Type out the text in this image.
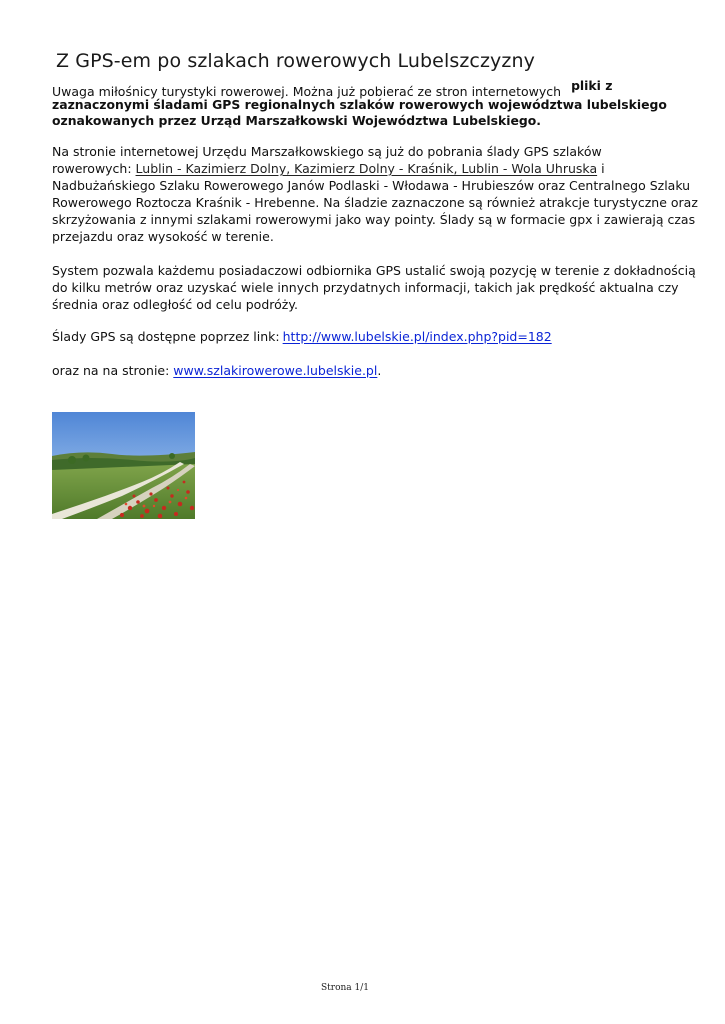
Z GPS-em po szlakach rowerowych Lubelszczyzny

Uwaga miłośnicy turystyki rowerowej. Można już pobierać ze stron internetowych pliki z
zaznaczonymi śladami GPS regionalnych szlaków rowerowych województwa lubelskiego
oznakowanych przez Urząd Marszałkowski Województwa Lubelskiego.

Na stronie internetowej Urzędu Marszałkowskiego są już do pobrania ślady GPS szlaków
rowerowych: Lublin - Kazimierz Dolny, Kazimierz Dolny - Kraśnik, Lublin - Wola Uhruska i
Nadbużańskiego Szlaku Rowerowego Janów Podlaski - Włodawa - Hrubieszów oraz Centralnego Szlaku
Rowerowego Roztocza Kraśnik - Hrebenne. Na śladzie zaznaczone są również atrakcje turystyczne oraz
skrzyżowania z innymi szlakami rowerowymi jako way pointy. Ślady są w formacie gpx i zawierają czas
przejazdu oraz wysokość w terenie.

System pozwala każdemu posiadaczowi odbiornika GPS ustalić swoją pozycję w terenie z dokładnością
do kilku metrów oraz uzyskać wiele innych przydatnych informacji, takich jak prędkość aktualna czy
średnia oraz odległość od celu podróży.

Ślady GPS są dostępne poprzez link: http://www.lubelskie.pl/index.php?pid=182

oraz na na stronie: www.szlakirowerowe.lubelskie.pl.

Strona 1/1
